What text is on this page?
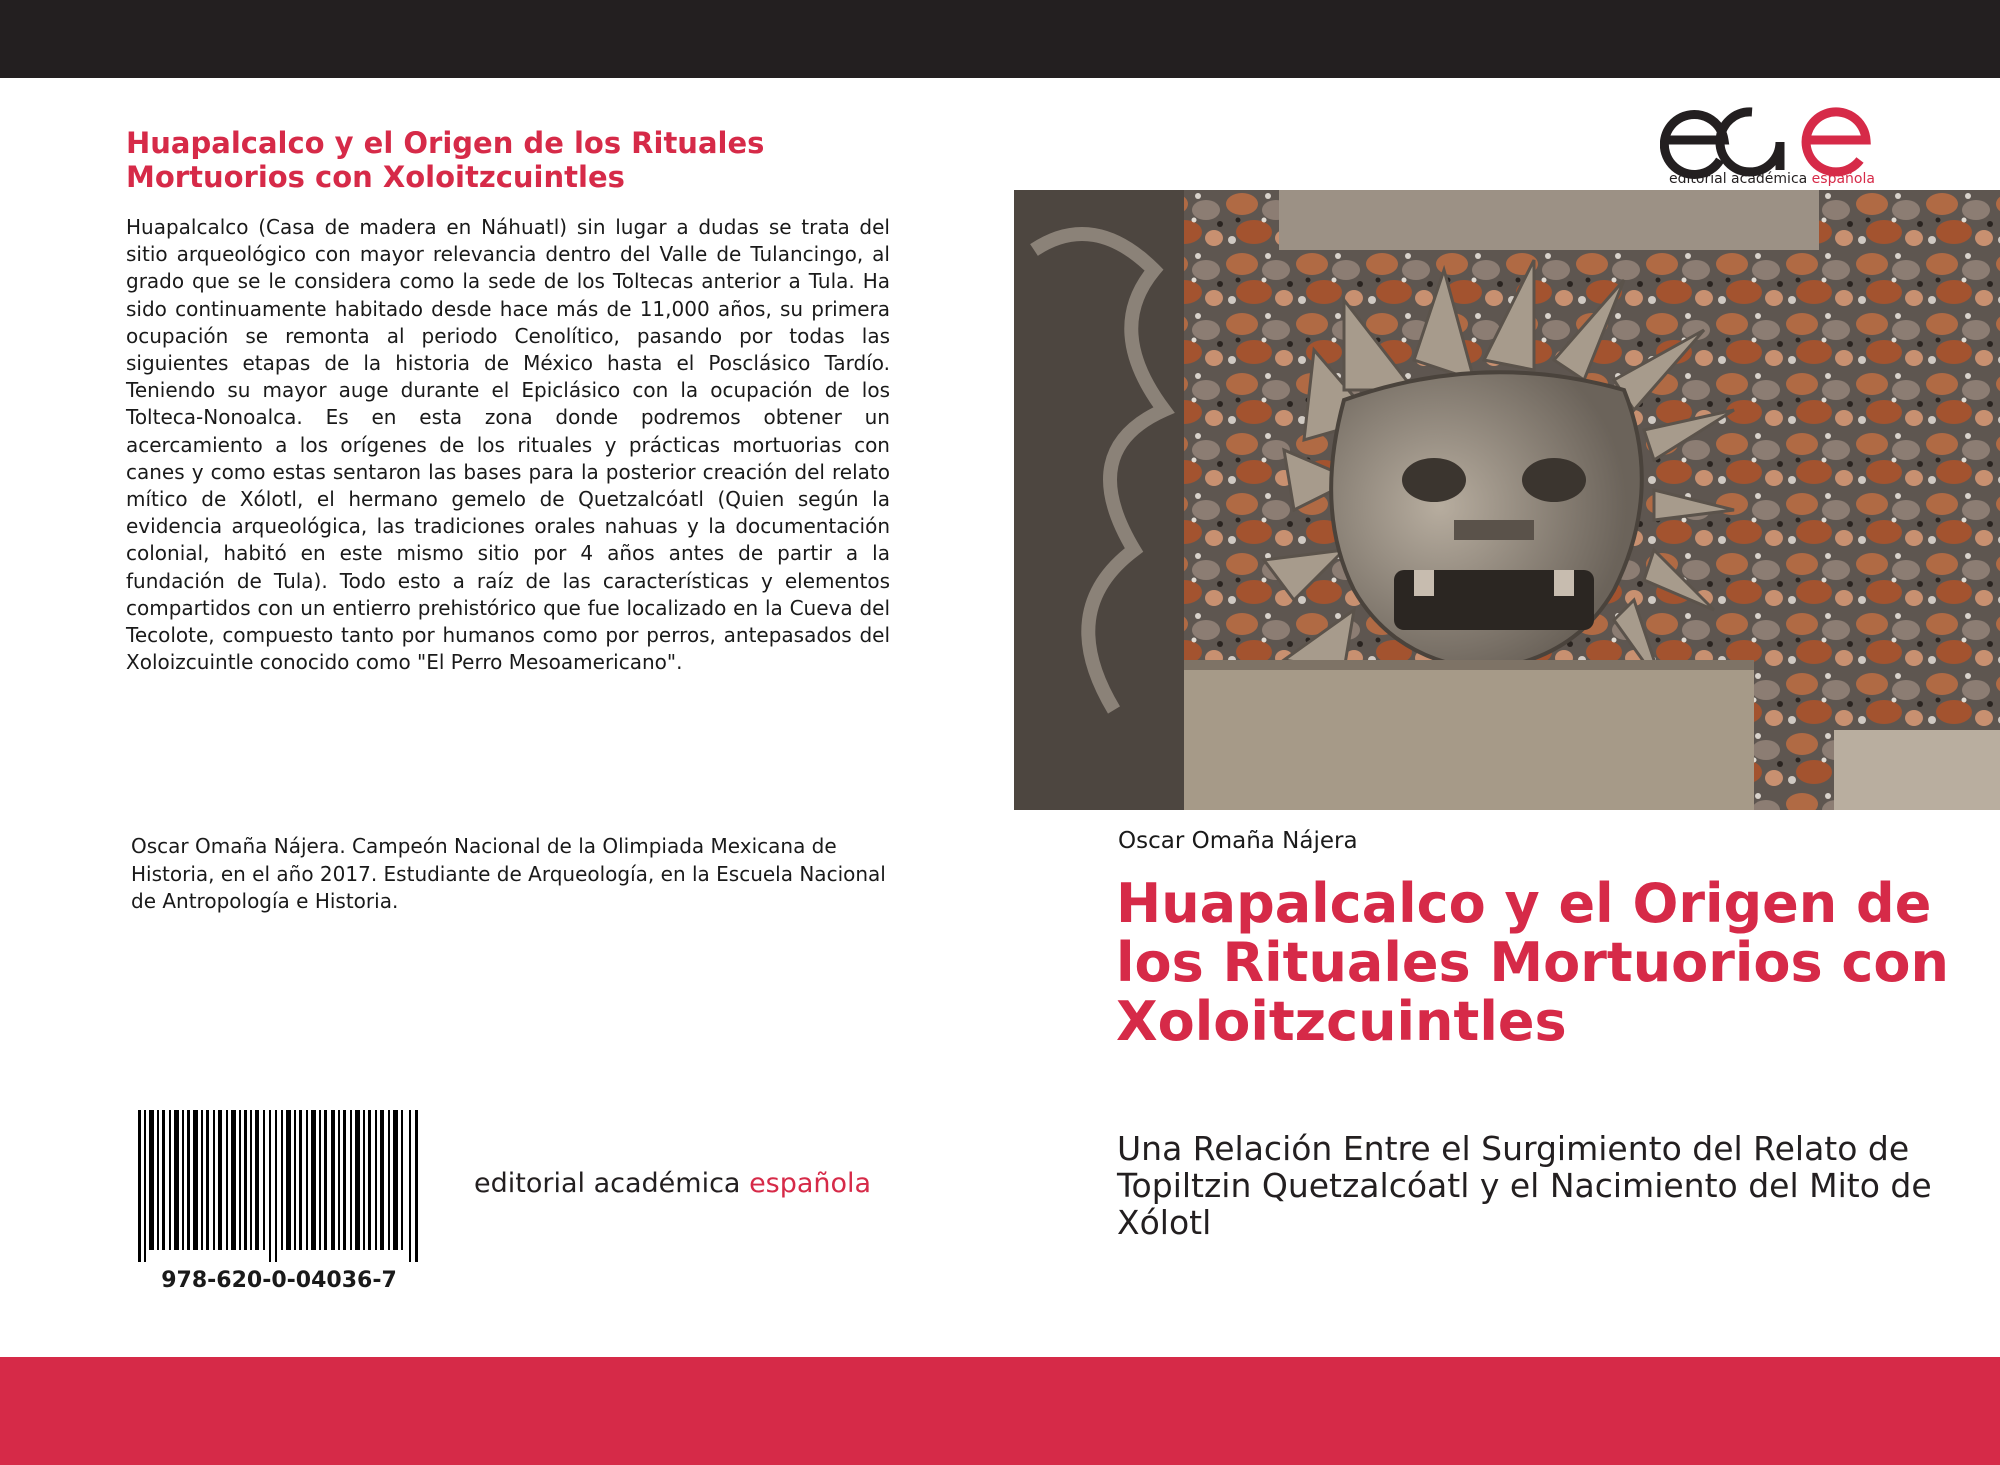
Huapalcalco y el Origen de los Rituales Mortuorios con Xoloitzcuintles

Huapalcalco (Casa de madera en Náhuatl) sin lugar a dudas se trata del sitio arqueológico con mayor relevancia dentro del Valle de Tulancingo, al grado que se le considera como la sede de los Toltecas anterior a Tula. Ha sido continuamente habitado desde hace más de 11,000 años, su primera ocupación se remonta al periodo Cenolítico, pasando por todas las siguientes etapas de la historia de México hasta el Posclásico Tardío. Teniendo su mayor auge durante el Epiclásico con la ocupación de los Tolteca-Nonoalca. Es en esta zona donde podremos obtener un acercamiento a los orígenes de los rituales y prácticas mortuorias con canes y como estas sentaron las bases para la posterior creación del relato mítico de Xólotl, el hermano gemelo de Quetzalcóatl (Quien según la evidencia arqueológica, las tradiciones orales nahuas y la documentación colonial, habitó en este mismo sitio por 4 años antes de partir a la fundación de Tula). Todo esto a raíz de las características y elementos compartidos con un entierro prehistórico que fue localizado en la Cueva del Tecolote, compuesto tanto por humanos como por perros, antepasados del Xoloizcuintle conocido como "El Perro Mesoamericano".

Oscar Omaña Nájera. Campeón Nacional de la Olimpiada Mexicana de Historia, en el año 2017. Estudiante de Arqueología, en la Escuela Nacional de Antropología e Historia.

978-620-0-04036-7
editorial académica española
editorial académica española

Oscar Omaña Nájera

Huapalcalco y el Origen de los Rituales Mortuorios con Xoloitzcuintles

Una Relación Entre el Surgimiento del Relato de Topiltzin Quetzalcóatl y el Nacimiento del Mito de Xólotl
